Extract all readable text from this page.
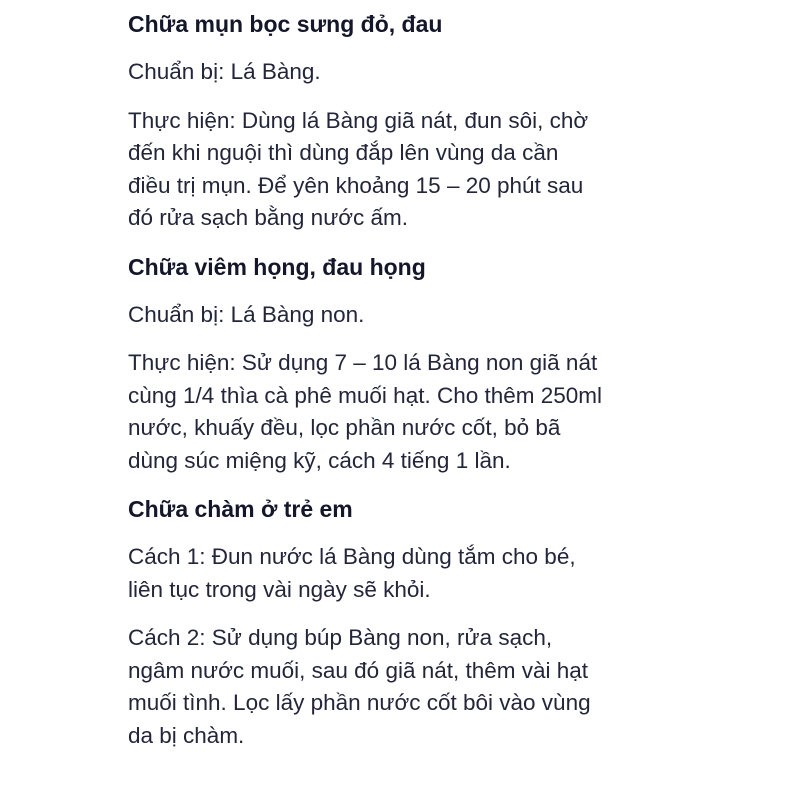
Chữa mụn bọc sưng đỏ, đau
Chuẩn bị: Lá Bàng.
Thực hiện: Dùng lá Bàng giã nát, đun sôi, chờ
đến khi nguội thì dùng đắp lên vùng da cần
điều trị mụn. Để yên khoảng 15 – 20 phút sau
đó rửa sạch bằng nước ấm.
Chữa viêm họng, đau họng
Chuẩn bị: Lá Bàng non.
Thực hiện: Sử dụng 7 – 10 lá Bàng non giã nát
cùng 1/4 thìa cà phê muối hạt. Cho thêm 250ml
nước, khuấy đều, lọc phần nước cốt, bỏ bã
dùng súc miệng kỹ, cách 4 tiếng 1 lần.
Chữa chàm ở trẻ em
Cách 1: Đun nước lá Bàng dùng tắm cho bé,
liên tục trong vài ngày sẽ khỏi.
Cách 2: Sử dụng búp Bàng non, rửa sạch,
ngâm nước muối, sau đó giã nát, thêm vài hạt
muối tình. Lọc lấy phần nước cốt bôi vào vùng
da bị chàm.
